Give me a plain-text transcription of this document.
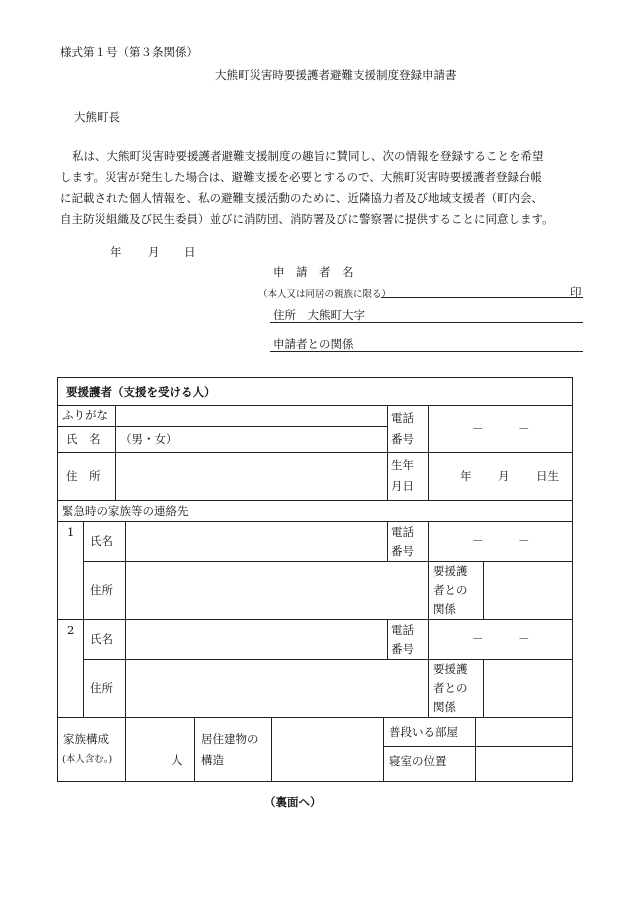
様式第１号（第３条関係）
大熊町災害時要援護者避難支援制度登録申請書
大熊町長

私は、大熊町災害時要援護者避難支援制度の趣旨に賛同し、次の情報を登録することを希望

します。災害が発生した場合は、避難支援を必要とするので、大熊町災害時要援護者登録台帳

に記載された個人情報を、私の避難支援活動のために、近隣協力者及び地域支援者（町内会、

自主防災組織及び民生委員）並びに消防団、消防署及びに警察署に提供することに同意します。

年 月 日
申　請　者　名
（本人又は同居の親族に限る）	印
住所　大熊町大字
申請者との関係
要援護者（支援を受ける人）
ふりがな
氏　名 （男・女）
電話
番号
－　　　－
住　所
生年
月日
年 月 日生
緊急時の家族等の連絡先
1
氏名
電話
番号
－　　　－
住所
要援護
者との
関係
2
氏名
電話
番号
－　　　－
住所
要援護
者との
関係
家族構成
(本人含む。)	人
居住建物の
構造
普段いる部屋
寝室の位置
（裏面へ）
